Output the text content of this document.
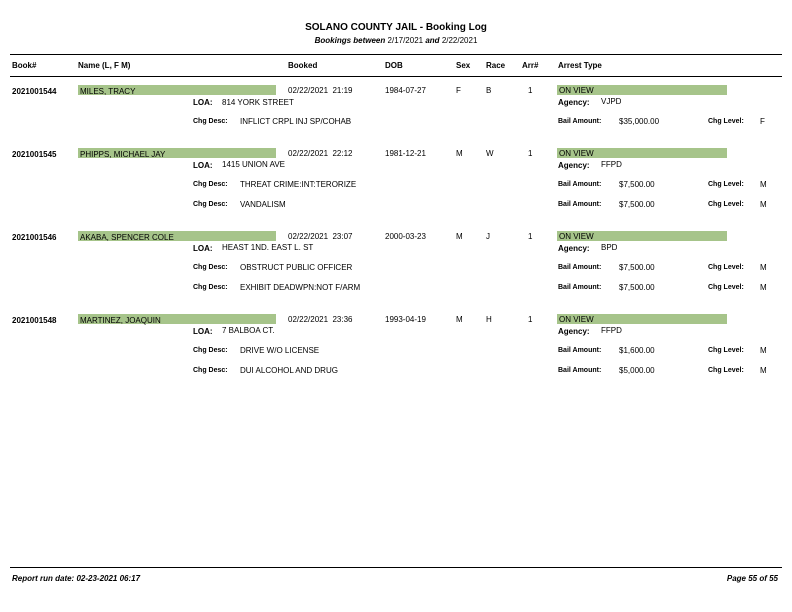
SOLANO COUNTY JAIL - Booking Log
Bookings between 2/17/2021 and 2/22/2021
Book#	Name (L, F M)	Booked	DOB	Sex Race Arr# Arrest Type
2021001544	MILES, TRACY	02/22/2021  21:19	1984-07-27	F	B	1	ON VIEW
LOA: 814 YORK STREET	Agency: VJPD
Chg Desc: INFLICT CRPL INJ SP/COHAB	Bail Amount: $35,000.00	Chg Level: F
2021001545	PHIPPS, MICHAEL JAY	02/22/2021  22:12	1981-12-21	M	W	1	ON VIEW
LOA: 1415 UNION AVE	Agency: FFPD
Chg Desc: THREAT CRIME:INT:TERORIZE	Bail Amount: $7,500.00	Chg Level: M
Chg Desc: VANDALISM	Bail Amount: $7,500.00	Chg Level: M
2021001546	AKABA, SPENCER COLE	02/22/2021  23:07	2000-03-23	M	J	1	ON VIEW
LOA: HEAST 1ND. EAST L. ST	Agency: BPD
Chg Desc: OBSTRUCT PUBLIC OFFICER	Bail Amount: $7,500.00	Chg Level: M
Chg Desc: EXHIBIT DEADWPN:NOT F/ARM	Bail Amount: $7,500.00	Chg Level: M
2021001548	MARTINEZ, JOAQUIN	02/22/2021  23:36	1993-04-19	M	H	1	ON VIEW
LOA: 7 BALBOA CT.	Agency: FFPD
Chg Desc: DRIVE W/O LICENSE	Bail Amount: $1,600.00	Chg Level: M
Chg Desc: DUI ALCOHOL AND DRUG	Bail Amount: $5,000.00	Chg Level: M
Report run date: 02-23-2021 06:17	Page 55 of 55
